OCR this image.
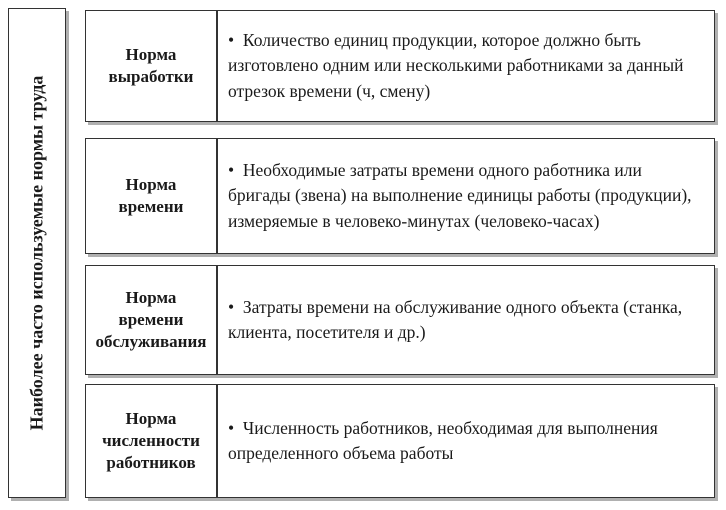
Наиболее часто используемые нормы труда
Норма выработки
• Количество единиц продукции, которое должно быть изготовлено одним или несколькими работниками за данный отрезок времени (ч, смену)
Норма времени
• Необходимые затраты времени одного работника или бригады (звена) на выполнение единицы работы (продукции), измеряемые в человеко-минутах (человеко-часах)
Норма времени обслуживания
• Затраты времени на обслуживание одного объекта (станка, клиента, посетителя и др.)
Норма численности работников
• Численность работников, необходимая для выполнения определенного объема работы
